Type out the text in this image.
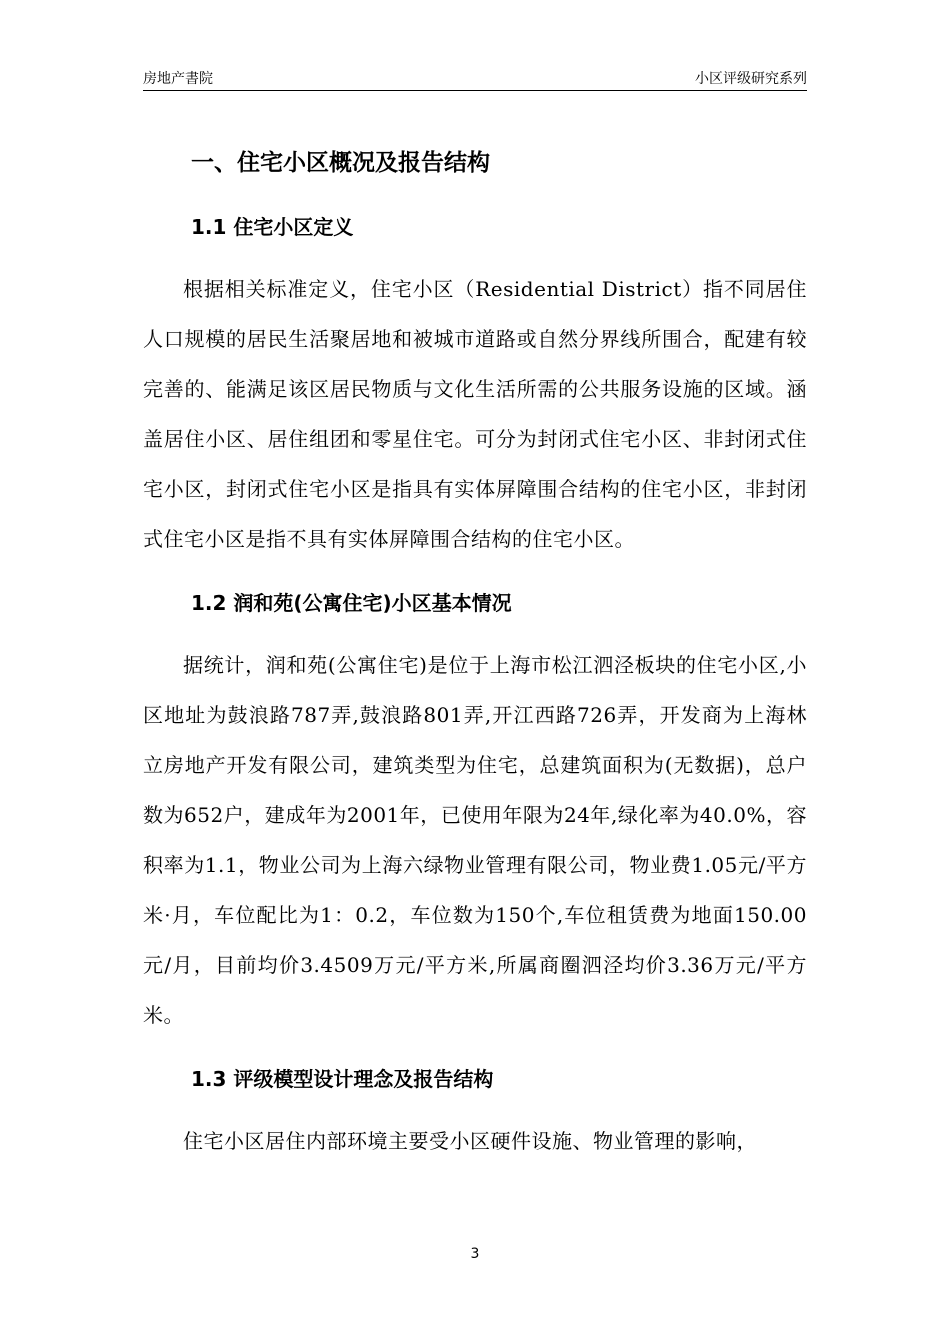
房地产書院	小区评级研究系列
一、住宅小区概况及报告结构
1.1 住宅小区定义

根据相关标准定义，住宅小区（Residential District）指不同居住人口规模的居民生活聚居地和被城市道路或自然分界线所围合，配建有较完善的、能满足该区居民物质与文化生活所需的公共服务设施的区域。涵盖居住小区、居住组团和零星住宅。可分为封闭式住宅小区、非封闭式住宅小区，封闭式住宅小区是指具有实体屏障围合结构的住宅小区，非封闭式住宅小区是指不具有实体屏障围合结构的住宅小区。

1.2 润和苑(公寓住宅)小区基本情况

据统计，润和苑(公寓住宅)是位于上海市松江泗泾板块的住宅小区,小区地址为鼓浪路787弄,鼓浪路801弄,开江西路726弄，开发商为上海林立房地产开发有限公司，建筑类型为住宅，总建筑面积为(无数据)，总户数为652户，建成年为2001年，已使用年限为24年,绿化率为40.0%，容积率为1.1，物业公司为上海六绿物业管理有限公司，物业费1.05元/平方米·月，车位配比为1：0.2，车位数为150个,车位租赁费为地面150.00元/月，目前均价3.4509万元/平方米,所属商圈泗泾均价3.36万元/平方米。

1.3 评级模型设计理念及报告结构

住宅小区居住内部环境主要受小区硬件设施、物业管理的影响，

3
